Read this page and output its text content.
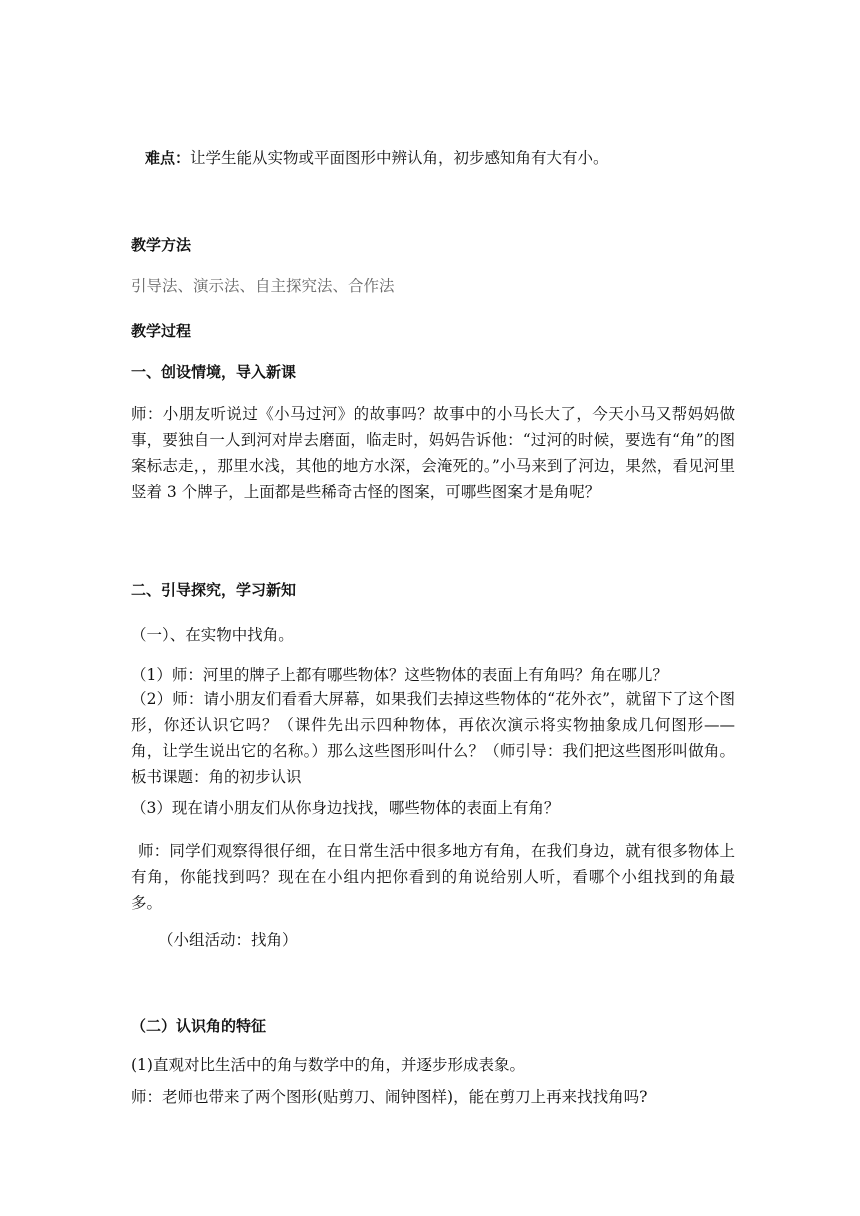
难点：让学生能从实物或平面图形中辨认角，初步感知角有大有小。
教学方法
引导法、演示法、自主探究法、合作法
教学过程
一、创设情境，导入新课
师：小朋友听说过《小马过河》的故事吗？故事中的小马长大了，今天小马又帮妈妈做事，要独自一人到河对岸去磨面，临走时，妈妈告诉他：“过河的时候，要选有“角”的图案标志走，，那里水浅，其他的地方水深，会淹死的。”小马来到了河边，果然，看见河里竖着 3 个牌子，上面都是些稀奇古怪的图案，可哪些图案才是角呢？
二、引导探究，学习新知
（一）、在实物中找角。
（1）师：河里的牌子上都有哪些物体？这些物体的表面上有角吗？角在哪儿？
（2）师：请小朋友们看看大屏幕，如果我们去掉这些物体的“花外衣”，就留下了这个图形，你还认识它吗？（课件先出示四种物体，再依次演示将实物抽象成几何图形——角，让学生说出它的名称。）那么这些图形叫什么？（师引导：我们把这些图形叫做角。板书课题：角的初步认识
（3）现在请小朋友们从你身边找找，哪些物体的表面上有角？
师：同学们观察得很仔细，在日常生活中很多地方有角，在我们身边，就有很多物体上有角，你能找到吗？现在在小组内把你看到的角说给别人听，看哪个小组找到的角最多。
（小组活动：找角）
（二）认识角的特征
(1)直观对比生活中的角与数学中的角，并逐步形成表象。
师：老师也带来了两个图形(贴剪刀、闹钟图样)，能在剪刀上再来找找角吗?
